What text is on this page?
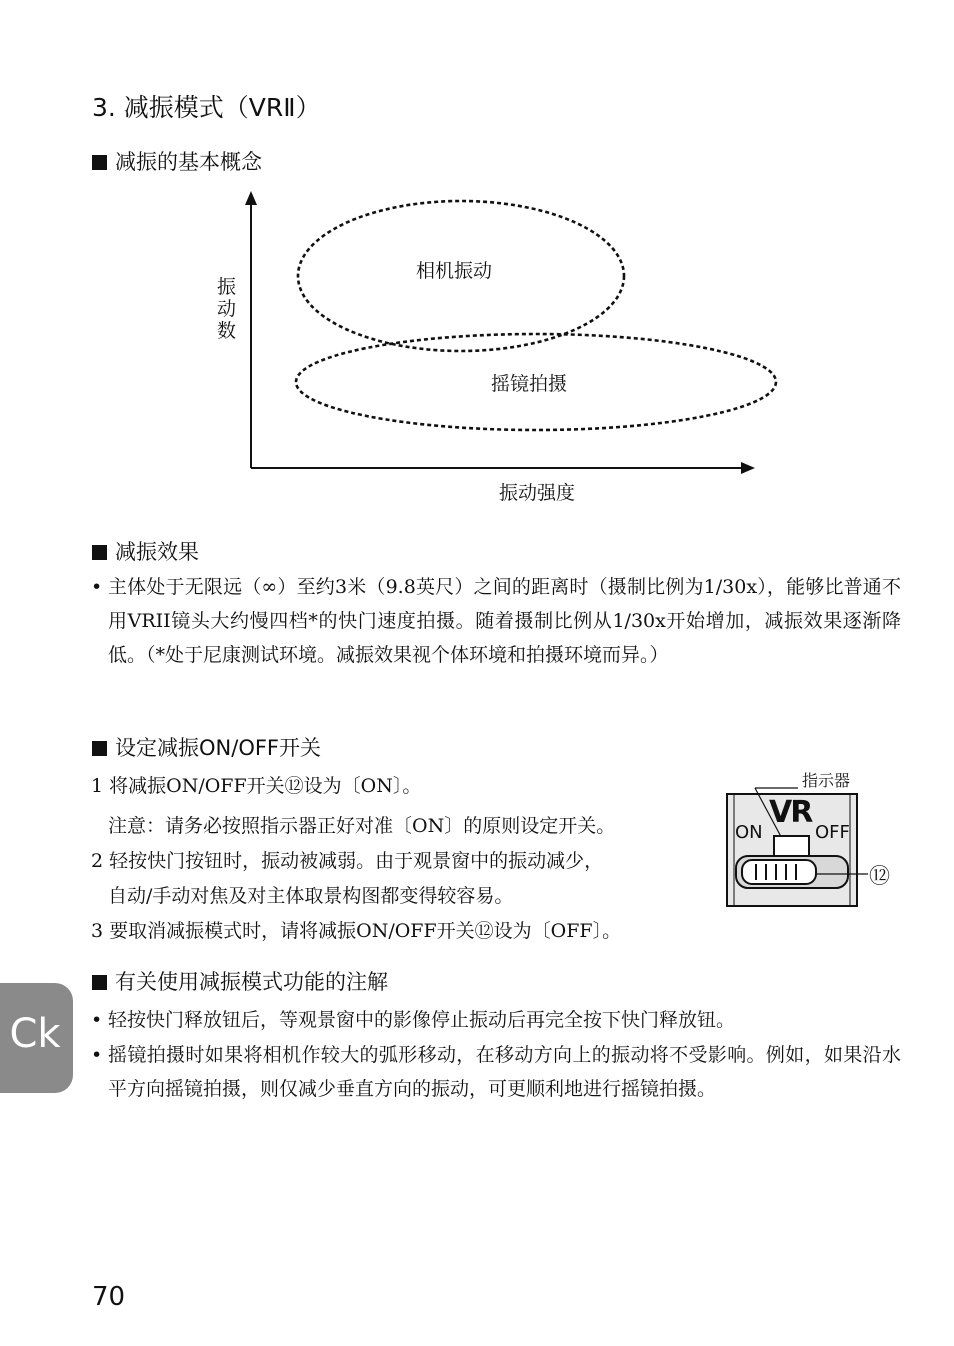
3. 减振模式（VRⅡ）
减振的基本概念
相机振动
摇镜拍摄
振
动
数
振动强度
减振效果
• 主体处于无限远（∞）至约3米（9.8英尺）之间的距离时（摄制比例为1/30x），能够比普通不用VRII镜头大约慢四档*的快门速度拍摄。随着摄制比例从1/30x开始增加，减振效果逐渐降低。（*处于尼康测试环境。减振效果视个体环境和拍摄环境而异。）
设定减振ON/OFF开关
1 将减振ON/OFF开关⑫设为〔ON〕。
注意：请务必按照指示器正好对准〔ON〕的原则设定开关。
2 轻按快门按钮时，振动被减弱。由于观景窗中的振动减少，
自动/手动对焦及对主体取景构图都变得较容易。
3 要取消减振模式时，请将减振ON/OFF开关⑫设为〔OFF〕。
指示器
VR
ON	OFF
⑫
有关使用减振模式功能的注解
• 轻按快门释放钮后，等观景窗中的影像停止振动后再完全按下快门释放钮。
• 摇镜拍摄时如果将相机作较大的弧形移动，在移动方向上的振动将不受影响。例如，如果沿水平方向摇镜拍摄，则仅减少垂直方向的振动，可更顺利地进行摇镜拍摄。
Ck
70
